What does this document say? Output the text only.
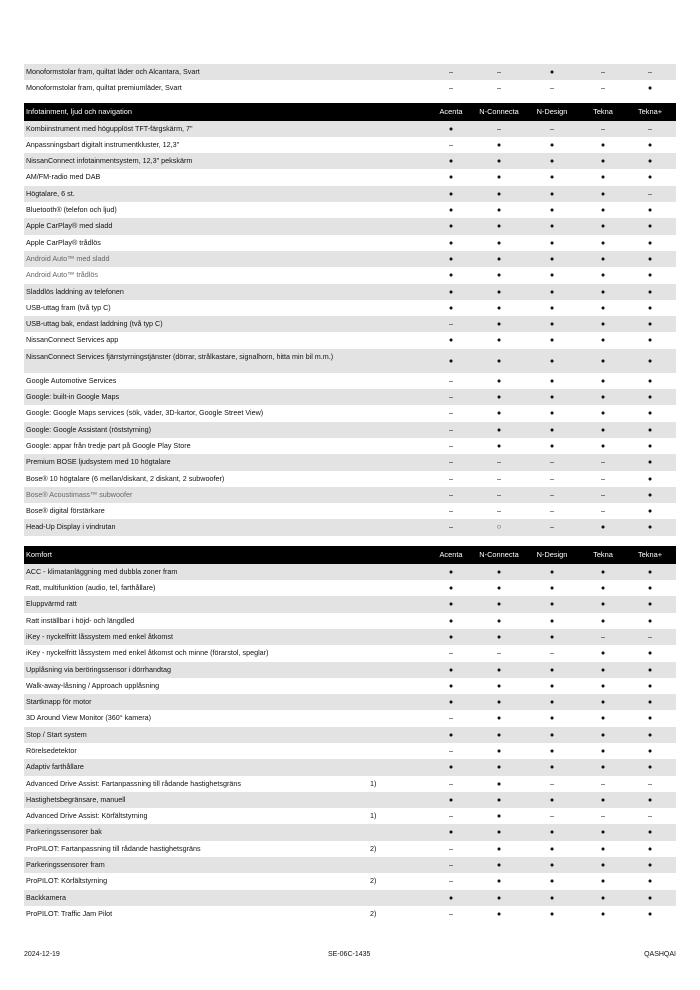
Monoformstolar fram, quiltat läder och Alcantara, Svart	–	–	●	–	–
Monoformstolar fram, quiltat premiumläder, Svart	–	–	–	–	●
Infotainment, ljud och navigation	Acenta	N-Connecta	N-Design	Tekna	Tekna+
Kombiinstrument med högupplöst TFT-färgskärm, 7"	●	–	–	–	–
Anpassningsbart digitalt instrumentkluster, 12,3"	–	●	●	●	●
NissanConnect infotainmentsystem, 12,3" pekskärm	●	●	●	●	●
AM/FM-radio med DAB	●	●	●	●	●
Högtalare, 6 st.	●	●	●	●	–
Bluetooth® (telefon och ljud)	●	●	●	●	●
Apple CarPlay® med sladd	●	●	●	●	●
Apple CarPlay® trådlös	●	●	●	●	●
Android Auto™ med sladd	●	●	●	●	●
Android Auto™ trådlös	●	●	●	●	●
Sladdlös laddning av telefonen	●	●	●	●	●
USB-uttag fram (två typ C)	●	●	●	●	●
USB-uttag bak, endast laddning (två typ C)	–	●	●	●	●
NissanConnect Services app	●	●	●	●	●
NissanConnect Services fjärrstyrningstjänster (dörrar, strålkastare, signalhorn, hitta min bil m.m.)	●	●	●	●	●
Google Automotive Services	–	●	●	●	●
Google: built-in Google Maps	–	●	●	●	●
Google: Google Maps services (sök, väder, 3D-kartor, Google Street View)	–	●	●	●	●
Google: Google Assistant (röststyrning)	–	●	●	●	●
Google: appar från tredje part på Google Play Store	–	●	●	●	●
Premium BOSE ljudsystem med 10 högtalare	–	–	–	–	●
Bose® 10 högtalare (6 mellan/diskant, 2 diskant, 2 subwoofer)	–	–	–	–	●
Bose® Acoustimass™ subwoofer	–	–	–	–	●
Bose® digital förstärkare	–	–	–	–	●
Head-Up Display i vindrutan	–	○	–	●	●
Komfort	Acenta	N-Connecta	N-Design	Tekna	Tekna+
ACC - klimatanläggning med dubbla zoner fram	●	●	●	●	●
Ratt, multifunktion (audio, tel, farthållare)	●	●	●	●	●
Eluppvärmd ratt	●	●	●	●	●
Ratt inställbar i höjd- och längdled	●	●	●	●	●
iKey - nyckelfritt låssystem med enkel åtkomst	●	●	●	–	–
iKey - nyckelfritt låssystem med enkel åtkomst och minne (förarstol, speglar)	–	–	–	●	●
Upplåsning via beröringssensor i dörrhandtag	●	●	●	●	●
Walk-away-låsning / Approach upplåsning	●	●	●	●	●
Startknapp för motor	●	●	●	●	●
3D Around View Monitor (360° kamera)	–	●	●	●	●
Stop / Start system	●	●	●	●	●
Rörelsedetektor	–	●	●	●	●
Adaptiv farthållare	●	●	●	●	●
Advanced Drive Assist: Fartanpassning till rådande hastighetsgräns	1)	–	●	–	–	–
Hastighetsbegränsare, manuell	●	●	●	●	●
Advanced Drive Assist: Körfältstyrning	1)	–	●	–	–	–
Parkeringssensorer bak	●	●	●	●	●
ProPILOT: Fartanpassning till rådande hastighetsgräns	2)	–	●	●	●	●
Parkeringssensorer fram	–	●	●	●	●
ProPILOT: Körfältstyrning	2)	–	●	●	●	●
Backkamera	●	●	●	●	●
ProPILOT: Traffic Jam Pilot	2)	–	●	●	●	●
2024-12-19	SE-06C-1435	QASHQAI
